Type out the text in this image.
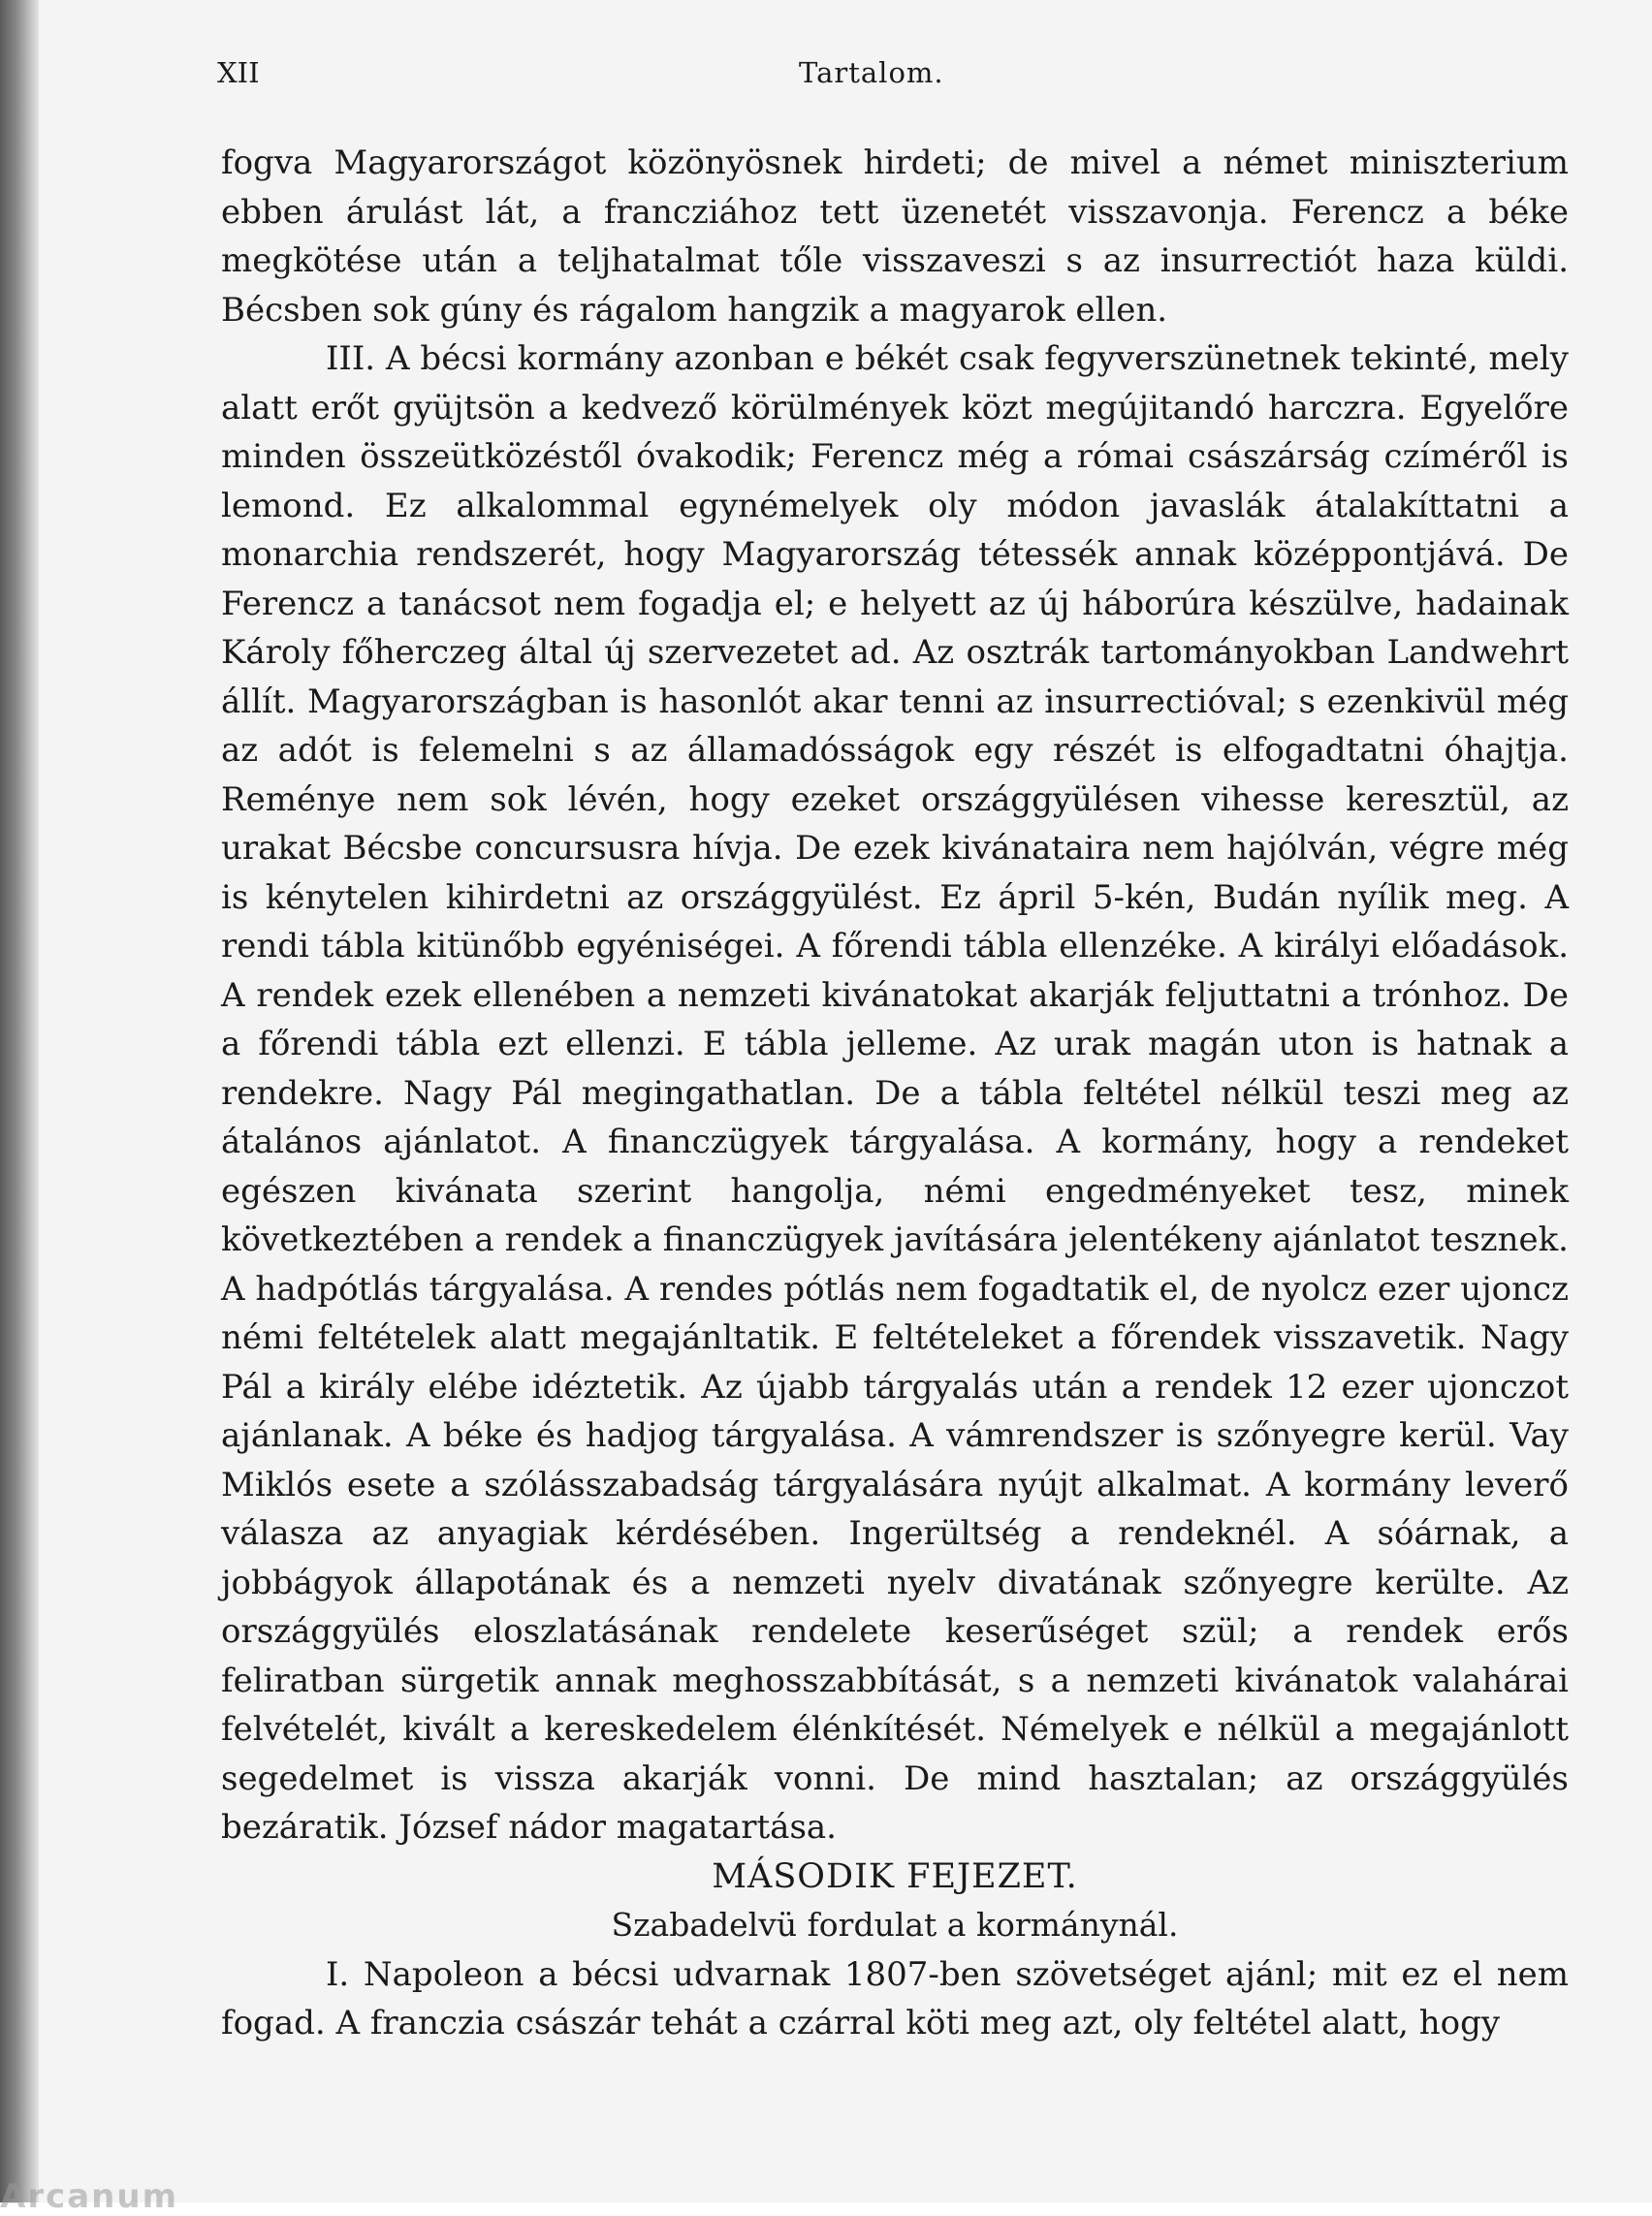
XII	Tartalom.

fogva Magyarországot közönyösnek hirdeti; de mivel a német miniszterium ebben árulást lát, a francziához tett üzenetét visszavonja. Ferencz a béke megkötése után a teljhatalmat tőle visszaveszi s az insurrectiót haza küldi. Bécsben sok gúny és rágalom hangzik a magyarok ellen.

III. A bécsi kormány azonban e békét csak fegyverszünetnek tekinté, mely alatt erőt gyüjtsön a kedvező körülmények közt megújitandó harczra. Egyelőre minden összeütközéstől óvakodik; Ferencz még a római császárság czíméről is lemond. Ez alkalommal egynémelyek oly módon javaslák átalakíttatni a monarchia rendszerét, hogy Magyarország tétessék annak középpontjává. De Ferencz a tanácsot nem fogadja el; e helyett az új háborúra készülve, hadainak Károly főherczeg által új szervezetet ad. Az osztrák tartományokban Landwehrt állít. Magyarországban is hasonlót akar tenni az insurrectióval; s ezenkivül még az adót is felemelni s az államadósságok egy részét is elfogadtatni óhajtja. Reménye nem sok lévén, hogy ezeket országgyülésen vihesse keresztül, az urakat Bécsbe concursusra hívja. De ezek kivánataira nem hajólván, végre még is kénytelen kihirdetni az országgyülést. Ez ápril 5-kén, Budán nyílik meg. A rendi tábla kitünőbb egyéniségei. A főrendi tábla ellenzéke. A királyi előadások. A rendek ezek ellenében a nemzeti kivánatokat akarják feljuttatni a trónhoz. De a főrendi tábla ezt ellenzi. E tábla jelleme. Az urak magán uton is hatnak a rendekre. Nagy Pál megingathatlan. De a tábla feltétel nélkül teszi meg az átalános ajánlatot. A financzügyek tárgyalása. A kormány, hogy a rendeket egészen kivánata szerint hangolja, némi engedményeket tesz, minek következtében a rendek a financzügyek javítására jelentékeny ajánlatot tesznek. A hadpótlás tárgyalása. A rendes pótlás nem fogadtatik el, de nyolcz ezer ujoncz némi feltételek alatt megajánltatik. E feltételeket a főrendek visszavetik. Nagy Pál a király elébe idéztetik. Az újabb tárgyalás után a rendek 12 ezer ujonczot ajánlanak. A béke és hadjog tárgyalása. A vámrendszer is szőnyegre kerül. Vay Miklós esete a szólásszabadság tárgyalására nyújt alkalmat. A kormány leverő válasza az anyagiak kérdésében. Ingerültség a rendeknél. A sóárnak, a jobbágyok állapotának és a nemzeti nyelv divatának szőnyegre kerülte. Az országgyülés eloszlatásának rendelete keserűséget szül; a rendek erős feliratban sürgetik annak meghosszabbítását, s a nemzeti kivánatok valahárai felvételét, kivált a kereskedelem élénkítését. Némelyek e nélkül a megajánlott segedelmet is vissza akarják vonni. De mind hasztalan; az országgyülés bezáratik. József nádor magatartása.

MÁSODIK FEJEZET.

Szabadelvü fordulat a kormánynál.

I. Napoleon a bécsi udvarnak 1807-ben szövetséget ajánl; mit ez el nem fogad. A franczia császár tehát a czárral köti meg azt, oly feltétel alatt, hogy

Arcanum
